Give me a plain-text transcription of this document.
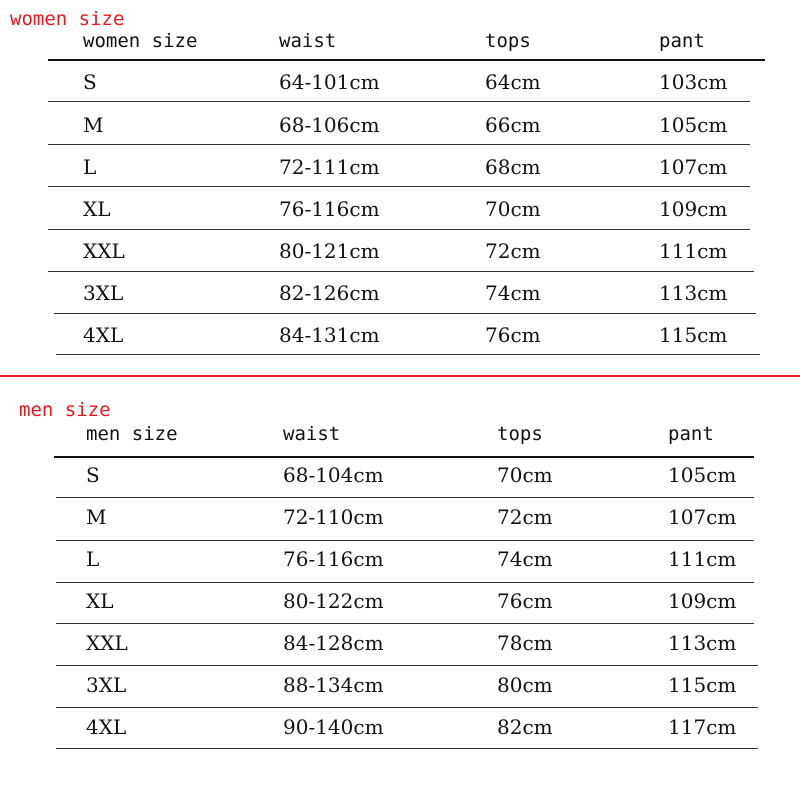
women size
women size	waist	tops	pant
S	64-101cm	64cm	103cm
M	68-106cm	66cm	105cm
L	72-111cm	68cm	107cm
XL	76-116cm	70cm	109cm
XXL	80-121cm	72cm	111cm
3XL	82-126cm	74cm	113cm
4XL	84-131cm	76cm	115cm
men size
men size	waist	tops	pant
S	68-104cm	70cm	105cm
M	72-110cm	72cm	107cm
L	76-116cm	74cm	111cm
XL	80-122cm	76cm	109cm
XXL	84-128cm	78cm	113cm
3XL	88-134cm	80cm	115cm
4XL	90-140cm	82cm	117cm
